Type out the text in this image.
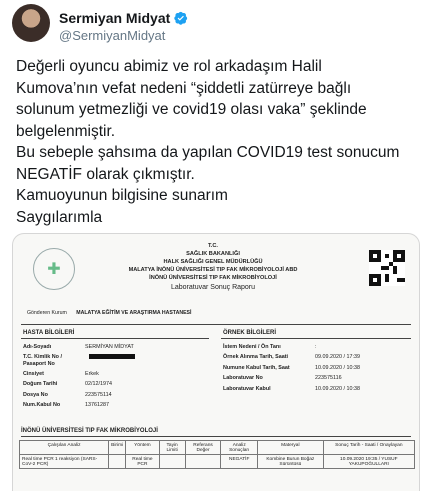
Sermiyan Midyat
@SermiyanMidyat

Değerli oyuncu abimiz ve rol arkadaşım Halil

Kumova’nın vefat nedeni “şiddetli zatürreye bağlı

solunum yetmezliği ve covid19 olası vaka” şeklinde

belgelenmiştir.

Bu sebeple şahsıma da yapılan COVID19 test sonucum

NEGATİF olarak çıkmıştır.

Kamuoyunun bilgisine sunarım

Saygılarımla

✚
T.C.
SAĞLIK BAKANLIĞI
HALK SAĞLIĞI GENEL MÜDÜRLÜĞÜ
MALATYA İNÖNÜ ÜNİVERSİTESİ TIP FAK MİKROBİYOLOJİ ABD
İNÖNÜ ÜNİVERSİTESİ TIP FAK MİKROBİYOLOJİ
Laboratuvar Sonuç Raporu
Gönderen Kurum MALATYA EĞİTİM VE ARAŞTIRMA HASTANESİ
HASTA BİLGİLERİ	ÖRNEK BİLGİLERİ
Adı-Soyadı	SERMİYAN MİDYAT
T.C. Kimlik No / Pasaport No
Cinsiyet	Erkek
Doğum Tarihi	02/12/1974
Dosya No	223575114
Num.Kabul No	13761287
İstem Nedeni / Ön Tanı	:
Örnek Alınma Tarih, Saati	09.09.2020 / 17:39
Numune Kabul Tarih, Saat	10.09.2020 / 10:38
Laboratuvar No	223575116
Laboratuvar Kabul	10.09.2020 / 10:38
İNÖNÜ ÜNİVERSİTESİ TIP FAK MİKROBİYOLOJİ
Çalışılan Analiz	Birimi	Yöntem	Tayin Limiti	Referans Değer	Analiz Sonuçları	Materyal	Sonuç Tarih - Saati / Onaylayan
Real time PCR 1 reaksiyon (SARS-CoV-2 PCR)		Real time PCR			NEGATİF	Kombine Burun Boğaz Sürüntüsü	10.09.2020 19:35 / YUSUF YAKUPOĞULLARI
